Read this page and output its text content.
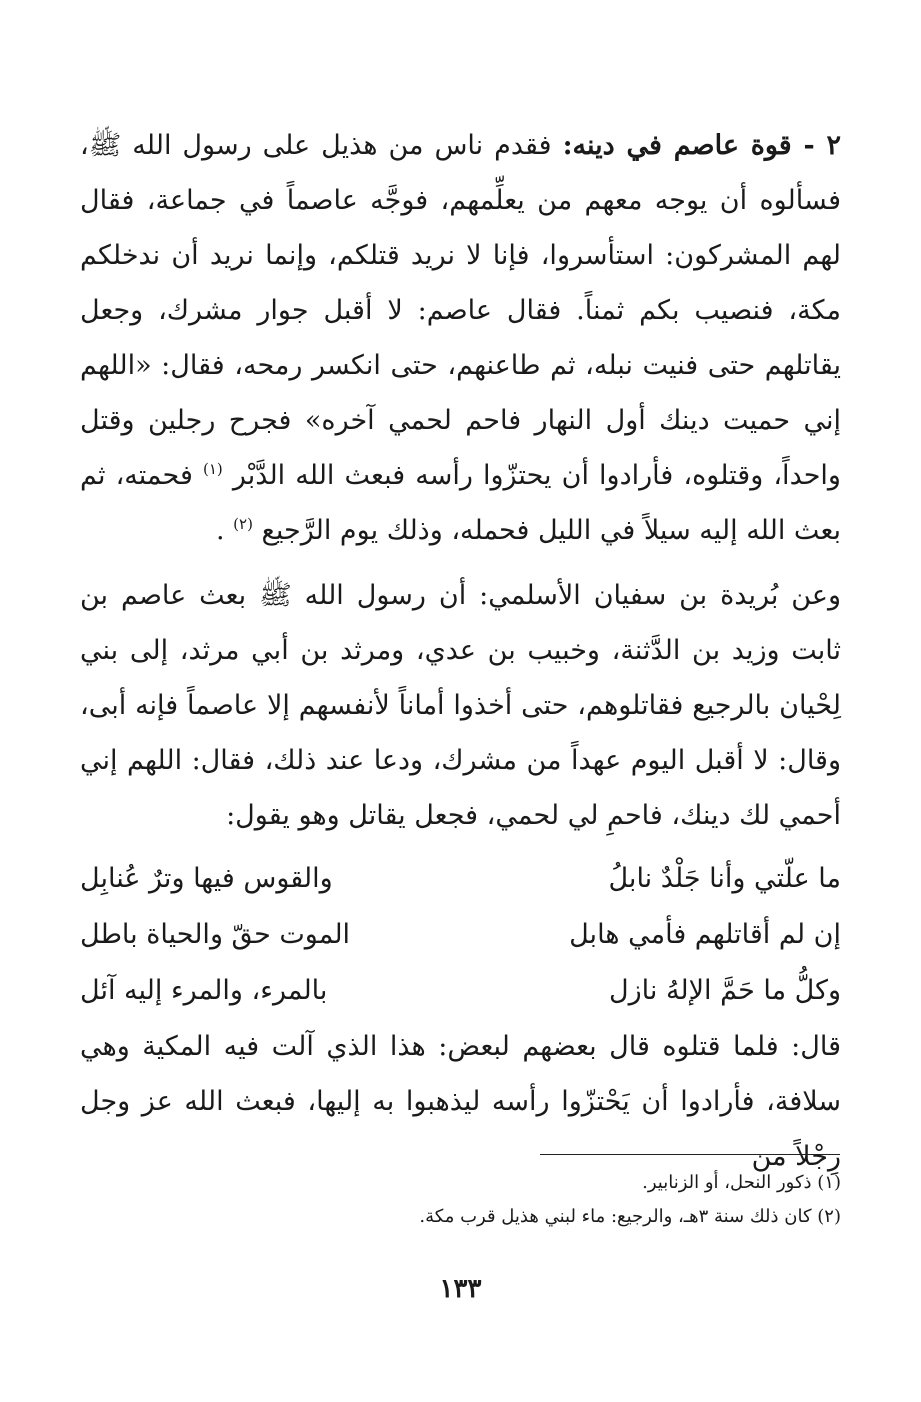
٢ - قوة عاصم في دينه: فقدم ناس من هذيل على رسول الله ﷺ، فسألوه أن يوجه معهم من يعلِّمهم، فوجَّه عاصماً في جماعة، فقال لهم المشركون: استأسروا، فإنا لا نريد قتلكم، وإنما نريد أن ندخلكم مكة، فنصيب بكم ثمناً. فقال عاصم: لا أقبل جوار مشرك، وجعل يقاتلهم حتى فنيت نبله، ثم طاعنهم، حتى انكسر رمحه، فقال: «اللهم إني حميت دينك أول النهار فاحم لحمي آخره» فجرح رجلين وقتل واحداً، وقتلوه، فأرادوا أن يحتزّوا رأسه فبعث الله الدَّبْر $^{(١)}$ فحمته، ثم بعث الله إليه سيلاً في الليل فحمله، وذلك يوم الرَّجيع $^{(٢)}$ .

وعن بُريدة بن سفيان الأسلمي: أن رسول الله ﷺ بعث عاصم بن ثابت وزيد بن الدَّثنة، وخبيب بن عدي، ومرثد بن أبي مرثد، إلى بني لِحْيان بالرجيع فقاتلوهم، حتى أخذوا أماناً لأنفسهم إلا عاصماً فإنه أبى، وقال: لا أقبل اليوم عهداً من مشرك، ودعا عند ذلك، فقال: اللهم إني أحمي لك دينك، فاحمِ لي لحمي، فجعل يقاتل وهو يقول:

ما علّتي وأنا جَلْدٌ نابلُ
والقوس فيها وترٌ عُنابِل
إن لم أقاتلهم فأمي هابل
الموت حقّ والحياة باطل
وكلُّ ما حَمَّ الإلهُ نازل
بالمرء، والمرء إليه آئل

قال: فلما قتلوه قال بعضهم لبعض: هذا الذي آلت فيه المكية وهي سلافة، فأرادوا أن يَحْتزّوا رأسه ليذهبوا به إليها، فبعث الله عز وجل رِجْلاً من

(١) ذكور النحل، أو الزنابير.

(٢) كان ذلك سنة ٣هـ، والرجيع: ماء لبني هذيل قرب مكة.

١٣٣
